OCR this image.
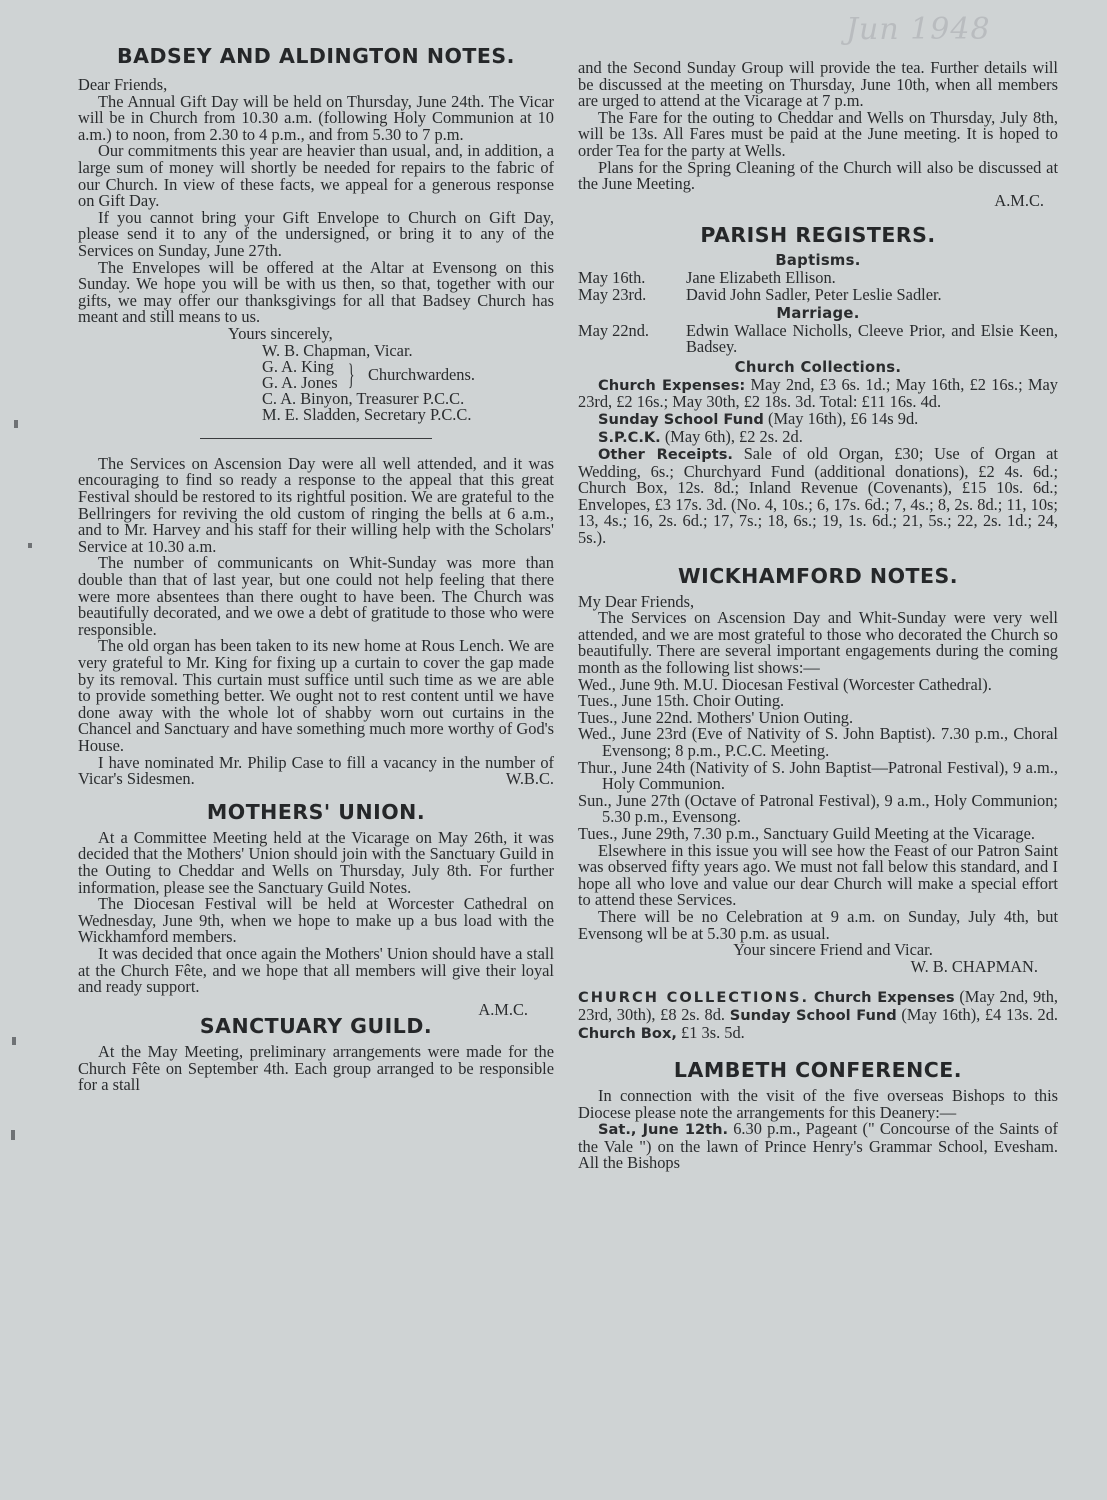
Jun 1948
BADSEY AND ALDINGTON NOTES.

Dear Friends,

The Annual Gift Day will be held on Thursday, June 24th. The Vicar will be in Church from 10.30 a.m. (following Holy Communion at 10 a.m.) to noon, from 2.30 to 4 p.m., and from 5.30 to 7 p.m.

Our commitments this year are heavier than usual, and, in addition, a large sum of money will shortly be needed for repairs to the fabric of our Church. In view of these facts, we appeal for a generous response on Gift Day.

If you cannot bring your Gift Envelope to Church on Gift Day, please send it to any of the undersigned, or bring it to any of the Services on Sunday, June 27th.

The Envelopes will be offered at the Altar at Evensong on this Sunday. We hope you will be with us then, so that, together with our gifts, we may offer our thanksgivings for all that Badsey Church has meant and still means to us.

Yours sincerely,
W. B. Chapman, Vicar.
G. A. King
G. A. Jones } Churchwardens.
C. A. Binyon, Treasurer P.C.C.
M. E. Sladden, Secretary P.C.C.

The Services on Ascension Day were all well attended, and it was encouraging to find so ready a response to the appeal that this great Festival should be restored to its rightful position. We are grateful to the Bellringers for reviving the old custom of ringing the bells at 6 a.m., and to Mr. Harvey and his staff for their willing help with the Scholars' Service at 10.30 a.m.

The number of communicants on Whit-Sunday was more than double than that of last year, but one could not help feeling that there were more absentees than there ought to have been. The Church was beautifully decorated, and we owe a debt of gratitude to those who were responsible.

The old organ has been taken to its new home at Rous Lench. We are very grateful to Mr. King for fixing up a curtain to cover the gap made by its removal. This curtain must suffice until such time as we are able to provide something better. We ought not to rest content until we have done away with the whole lot of shabby worn out curtains in the Chancel and Sanctuary and have something much more worthy of God's House.

I have nominated Mr. Philip Case to fill a vacancy in the number of Vicar's Sidesmen.	W.B.C.

MOTHERS' UNION.

At a Committee Meeting held at the Vicarage on May 26th, it was decided that the Mothers' Union should join with the Sanctuary Guild in the Outing to Cheddar and Wells on Thursday, July 8th. For further information, please see the Sanctuary Guild Notes.

The Diocesan Festival will be held at Worcester Cathedral on Wednesday, June 9th, when we hope to make up a bus load with the Wickhamford members.

It was decided that once again the Mothers' Union should have a stall at the Church Fête, and we hope that all members will give their loyal and ready support.

A.M.C.

SANCTUARY GUILD.

At the May Meeting, preliminary arrangements were made for the Church Fête on September 4th. Each group arranged to be responsible for a stall

and the Second Sunday Group will provide the tea. Further details will be discussed at the meeting on Thursday, June 10th, when all members are urged to attend at the Vicarage at 7 p.m.

The Fare for the outing to Cheddar and Wells on Thursday, July 8th, will be 13s. All Fares must be paid at the June meeting. It is hoped to order Tea for the party at Wells.

Plans for the Spring Cleaning of the Church will also be discussed at the June Meeting.

A.M.C.

PARISH REGISTERS.
Baptisms.
May 16th.	Jane Elizabeth Ellison.
May 23rd.	David John Sadler, Peter Leslie Sadler.
Marriage.
May 22nd.	Edwin Wallace Nicholls, Cleeve Prior, and Elsie Keen, Badsey.
Church Collections.

Church Expenses: May 2nd, £3 6s. 1d.; May 16th, £2 16s.; May 23rd, £2 16s.; May 30th, £2 18s. 3d. Total: £11 16s. 4d.

Sunday School Fund (May 16th), £6 14s 9d.

S.P.C.K. (May 6th), £2 2s. 2d.

Other Receipts. Sale of old Organ, £30; Use of Organ at Wedding, 6s.; Churchyard Fund (additional donations), £2 4s. 6d.; Church Box, 12s. 8d.; Inland Revenue (Covenants), £15 10s. 6d.; Envelopes, £3 17s. 3d. (No. 4, 10s.; 6, 17s. 6d.; 7, 4s.; 8, 2s. 8d.; 11, 10s; 13, 4s.; 16, 2s. 6d.; 17, 7s.; 18, 6s.; 19, 1s. 6d.; 21, 5s.; 22, 2s. 1d.; 24, 5s.).

WICKHAMFORD NOTES.

My Dear Friends,

The Services on Ascension Day and Whit-Sunday were very well attended, and we are most grateful to those who decorated the Church so beautifully. There are several important engagements during the coming month as the following list shows:—

Wed., June 9th. M.U. Diocesan Festival (Worcester Cathedral).

Tues., June 15th. Choir Outing.

Tues., June 22nd. Mothers' Union Outing.

Wed., June 23rd (Eve of Nativity of S. John Baptist). 7.30 p.m., Choral Evensong; 8 p.m., P.C.C. Meeting.

Thur., June 24th (Nativity of S. John Baptist—Patronal Festival), 9 a.m., Holy Communion.

Sun., June 27th (Octave of Patronal Festival), 9 a.m., Holy Communion; 5.30 p.m., Evensong.

Tues., June 29th, 7.30 p.m., Sanctuary Guild Meeting at the Vicarage.

Elsewhere in this issue you will see how the Feast of our Patron Saint was observed fifty years ago. We must not fall below this standard, and I hope all who love and value our dear Church will make a special effort to attend these Services.

There will be no Celebration at 9 a.m. on Sunday, July 4th, but Evensong wll be at 5.30 p.m. as usual.

Your sincere Friend and Vicar.

W. B. CHAPMAN.

CHURCH COLLECTIONS. Church Expenses (May 2nd, 9th, 23rd, 30th), £8 2s. 8d. Sunday School Fund (May 16th), £4 13s. 2d. Church Box, £1 3s. 5d.

LAMBETH CONFERENCE.

In connection with the visit of the five overseas Bishops to this Diocese please note the arrangements for this Deanery:—

Sat., June 12th. 6.30 p.m., Pageant (" Concourse of the Saints of the Vale ") on the lawn of Prince Henry's Grammar School, Evesham. All the Bishops
